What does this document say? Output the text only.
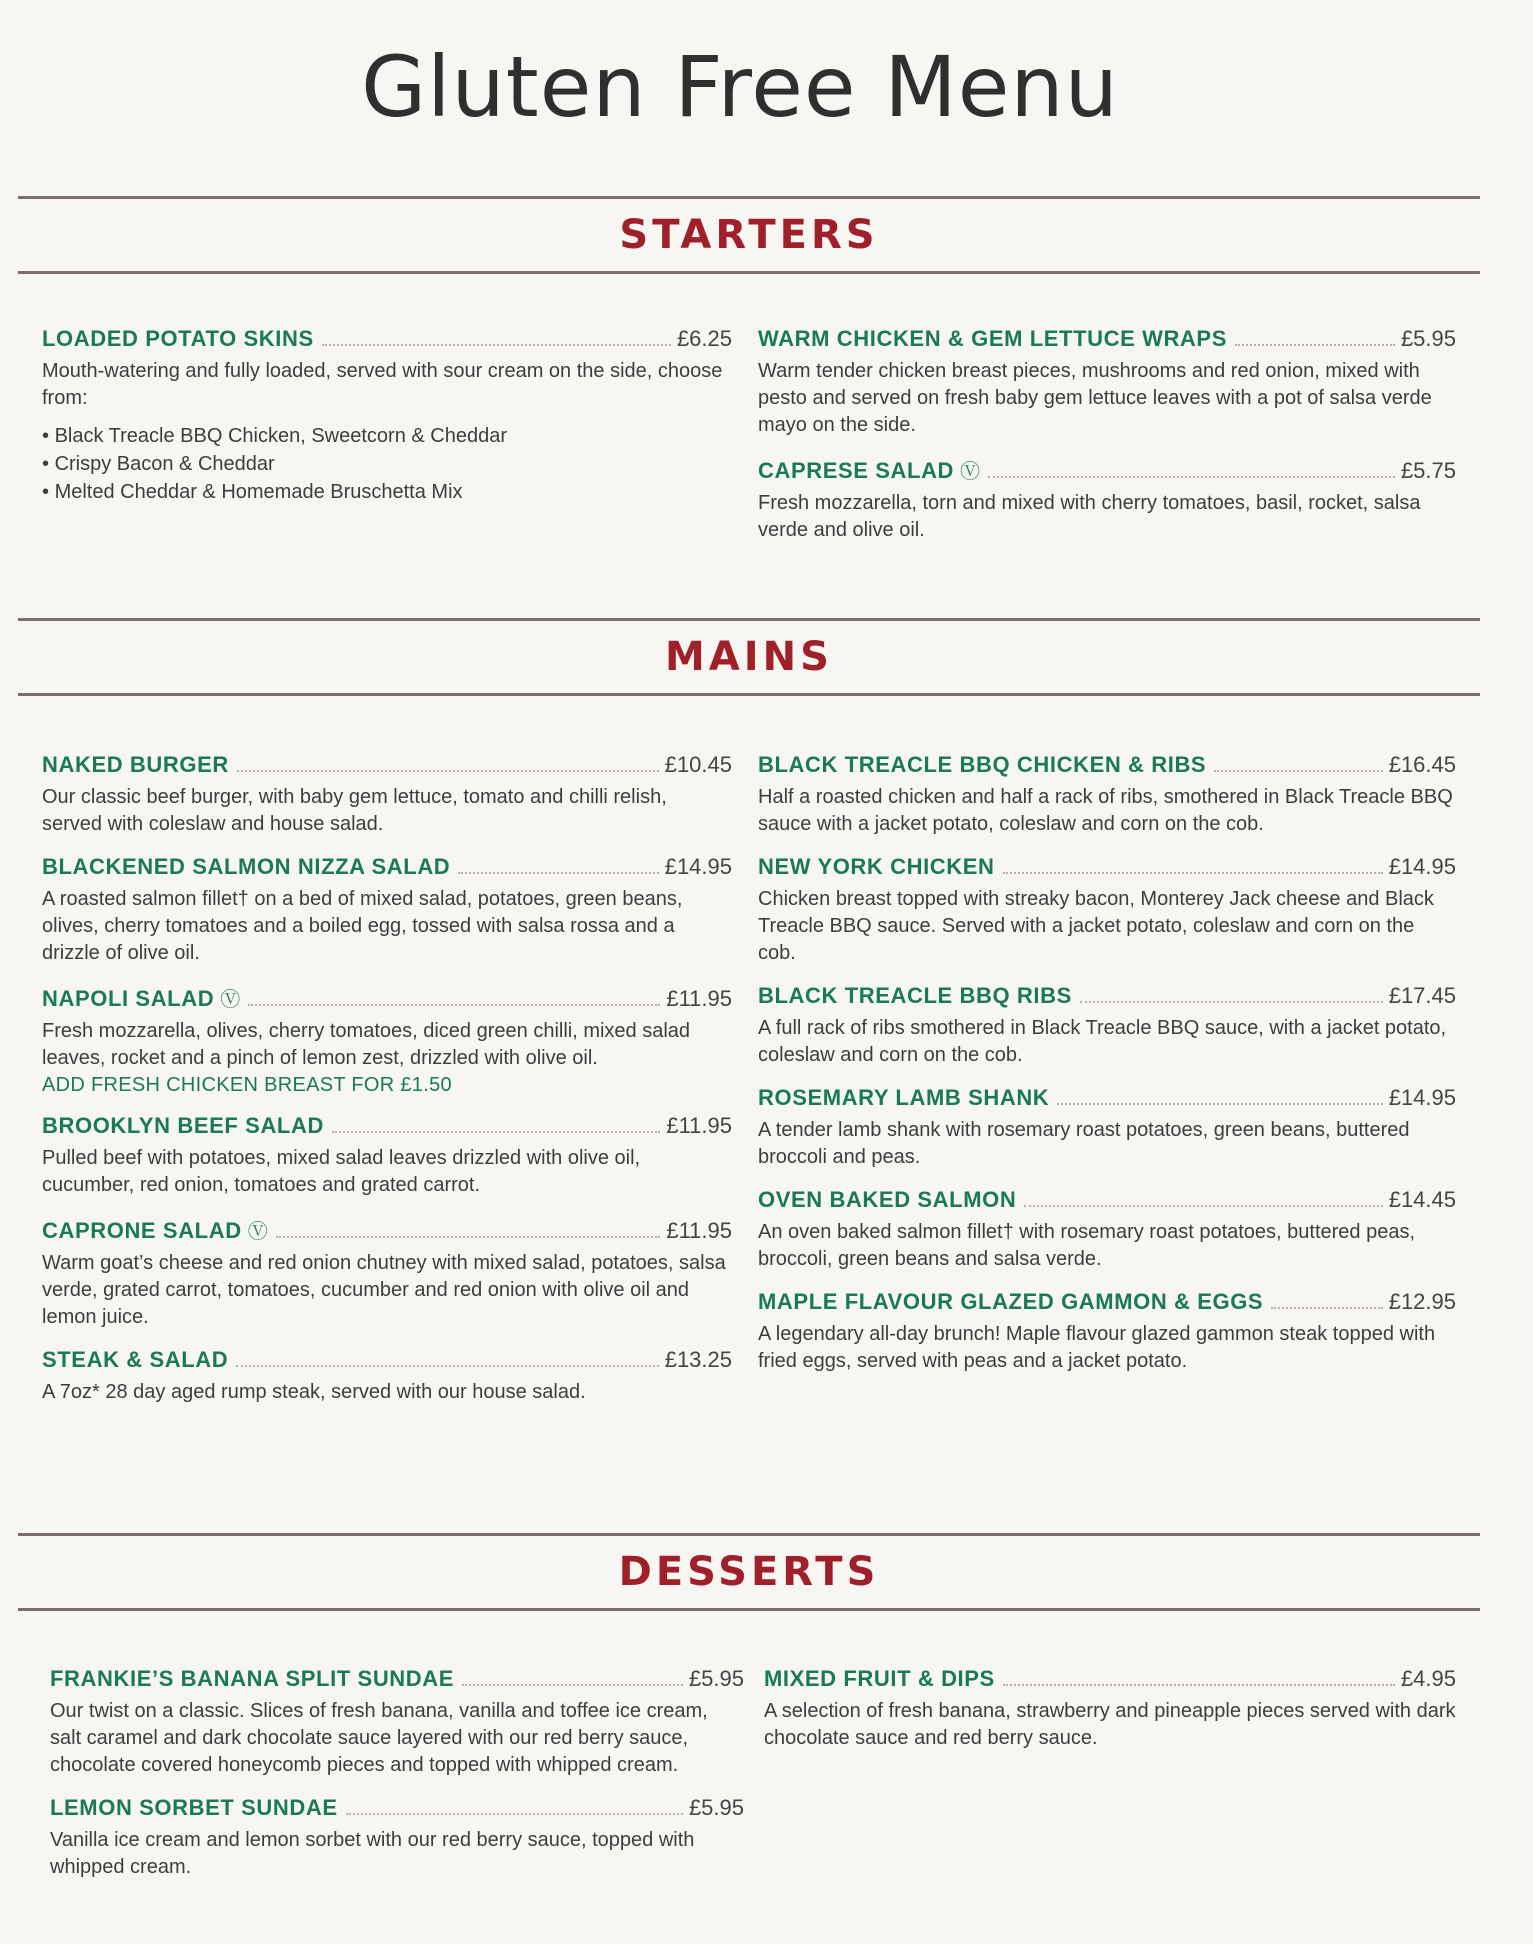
Gluten Free Menu
STARTERS
LOADED POTATO SKINS	£6.25
Mouth-watering and fully loaded, served with sour cream on the side, choose from:
• Black Treacle BBQ Chicken, Sweetcorn & Cheddar
• Crispy Bacon & Cheddar
• Melted Cheddar & Homemade Bruschetta Mix
WARM CHICKEN & GEM LETTUCE WRAPS	£5.95
Warm tender chicken breast pieces, mushrooms and red onion, mixed with pesto and served on fresh baby gem lettuce leaves with a pot of salsa verde mayo on the side.
CAPRESE SALAD Ⓥ	£5.75
Fresh mozzarella, torn and mixed with cherry tomatoes, basil, rocket, salsa verde and olive oil.
MAINS
NAKED BURGER	£10.45
Our classic beef burger, with baby gem lettuce, tomato and chilli relish, served with coleslaw and house salad.
BLACKENED SALMON NIZZA SALAD	£14.95
A roasted salmon fillet† on a bed of mixed salad, potatoes, green beans, olives, cherry tomatoes and a boiled egg, tossed with salsa rossa and a drizzle of olive oil.
NAPOLI SALAD Ⓥ	£11.95
Fresh mozzarella, olives, cherry tomatoes, diced green chilli, mixed salad leaves, rocket and a pinch of lemon zest, drizzled with olive oil.
ADD FRESH CHICKEN BREAST FOR £1.50
BROOKLYN BEEF SALAD	£11.95
Pulled beef with potatoes, mixed salad leaves drizzled with olive oil, cucumber, red onion, tomatoes and grated carrot.
CAPRONE SALAD Ⓥ	£11.95
Warm goat’s cheese and red onion chutney with mixed salad, potatoes, salsa verde, grated carrot, tomatoes, cucumber and red onion with olive oil and lemon juice.
STEAK & SALAD	£13.25
A 7oz* 28 day aged rump steak, served with our house salad.
BLACK TREACLE BBQ CHICKEN & RIBS	£16.45
Half a roasted chicken and half a rack of ribs, smothered in Black Treacle BBQ sauce with a jacket potato, coleslaw and corn on the cob.
NEW YORK CHICKEN	£14.95
Chicken breast topped with streaky bacon, Monterey Jack cheese and Black Treacle BBQ sauce. Served with a jacket potato, coleslaw and corn on the cob.
BLACK TREACLE BBQ RIBS	£17.45
A full rack of ribs smothered in Black Treacle BBQ sauce, with a jacket potato, coleslaw and corn on the cob.
ROSEMARY LAMB SHANK	£14.95
A tender lamb shank with rosemary roast potatoes, green beans, buttered broccoli and peas.
OVEN BAKED SALMON	£14.45
An oven baked salmon fillet† with rosemary roast potatoes, buttered peas, broccoli, green beans and salsa verde.
MAPLE FLAVOUR GLAZED GAMMON & EGGS	£12.95
A legendary all-day brunch! Maple flavour glazed gammon steak topped with fried eggs, served with peas and a jacket potato.
DESSERTS
FRANKIE’S BANANA SPLIT SUNDAE	£5.95
Our twist on a classic. Slices of fresh banana, vanilla and toffee ice cream, salt caramel and dark chocolate sauce layered with our red berry sauce, chocolate covered honeycomb pieces and topped with whipped cream.
LEMON SORBET SUNDAE	£5.95
Vanilla ice cream and lemon sorbet with our red berry sauce, topped with whipped cream.
MIXED FRUIT & DIPS	£4.95
A selection of fresh banana, strawberry and pineapple pieces served with dark chocolate sauce and red berry sauce.
